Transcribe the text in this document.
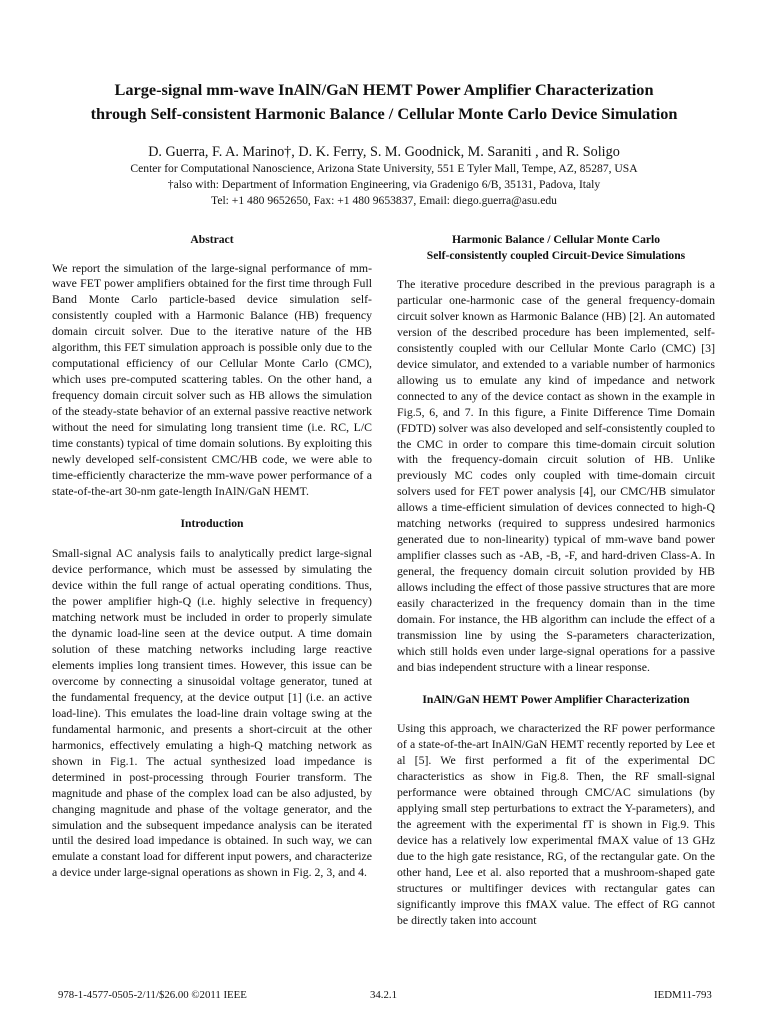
Large-signal mm-wave InAlN/GaN HEMT Power Amplifier Characterization
through Self-consistent Harmonic Balance / Cellular Monte Carlo Device Simulation
D. Guerra, F. A. Marino†, D. K. Ferry, S. M. Goodnick, M. Saraniti , and R. Soligo
Center for Computational Nanoscience, Arizona State University, 551 E Tyler Mall, Tempe, AZ, 85287, USA
†also with: Department of Information Engineering, via Gradenigo 6/B, 35131, Padova, Italy
Tel: +1 480 9652650, Fax: +1 480 9653837, Email: diego.guerra@asu.edu
Abstract

We report the simulation of the large-signal performance of mm-wave FET power amplifiers obtained for the first time through Full Band Monte Carlo particle-based device simulation self-consistently coupled with a Harmonic Balance (HB) frequency domain circuit solver. Due to the iterative nature of the HB algorithm, this FET simulation approach is possible only due to the computational efficiency of our Cellular Monte Carlo (CMC), which uses pre-computed scattering tables. On the other hand, a frequency domain circuit solver such as HB allows the simulation of the steady-state behavior of an external passive reactive network without the need for simulating long transient time (i.e. RC, L/C time constants) typical of time domain solutions. By exploiting this newly developed self-consistent CMC/HB code, we were able to time-efficiently characterize the mm-wave power performance of a state-of-the-art 30-nm gate-length InAlN/GaN HEMT.

Introduction

Small-signal AC analysis fails to analytically predict large-signal device performance, which must be assessed by simulating the device within the full range of actual operating conditions. Thus, the power amplifier high-Q (i.e. highly selective in frequency) matching network must be included in order to properly simulate the dynamic load-line seen at the device output. A time domain solution of these matching networks including large reactive elements implies long transient times. However, this issue can be overcome by connecting a sinusoidal voltage generator, tuned at the fundamental frequency, at the device output [1] (i.e. an active load-line). This emulates the load-line drain voltage swing at the fundamental harmonic, and presents a short-circuit at the other harmonics, effectively emulating a high-Q matching network as shown in Fig.1. The actual synthesized load impedance is determined in post-processing through Fourier transform. The magnitude and phase of the complex load can be also adjusted, by changing magnitude and phase of the voltage generator, and the simulation and the subsequent impedance analysis can be iterated until the desired load impedance is obtained. In such way, we can emulate a constant load for different input powers, and characterize a device under large-signal operations as shown in Fig. 2, 3, and 4.

Harmonic Balance / Cellular Monte Carlo
Self-consistently coupled Circuit-Device Simulations

The iterative procedure described in the previous paragraph is a particular one-harmonic case of the general frequency-domain circuit solver known as Harmonic Balance (HB) [2]. An automated version of the described procedure has been implemented, self-consistently coupled with our Cellular Monte Carlo (CMC) [3] device simulator, and extended to a variable number of harmonics allowing us to emulate any kind of impedance and network connected to any of the device contact as shown in the example in Fig.5, 6, and 7. In this figure, a Finite Difference Time Domain (FDTD) solver was also developed and self-consistently coupled to the CMC in order to compare this time-domain circuit solution with the frequency-domain circuit solution of HB. Unlike previously MC codes only coupled with time-domain circuit solvers used for FET power analysis [4], our CMC/HB simulator allows a time-efficient simulation of devices connected to high-Q matching networks (required to suppress undesired harmonics generated due to non-linearity) typical of mm-wave band power amplifier classes such as -AB, -B, -F, and hard-driven Class-A. In general, the frequency domain circuit solution provided by HB allows including the effect of those passive structures that are more easily characterized in the frequency domain than in the time domain. For instance, the HB algorithm can include the effect of a transmission line by using the S-parameters characterization, which still holds even under large-signal operations for a passive and bias independent structure with a linear response.

InAlN/GaN HEMT Power Amplifier Characterization

Using this approach, we characterized the RF power performance of a state-of-the-art InAlN/GaN HEMT recently reported by Lee et al [5]. We first performed a fit of the experimental DC characteristics as show in Fig.8. Then, the RF small-signal performance were obtained through CMC/AC simulations (by applying small step perturbations to extract the Y-parameters), and the agreement with the experimental fT is shown in Fig.9. This device has a relatively low experimental fMAX value of 13 GHz due to the high gate resistance, RG, of the rectangular gate. On the other hand, Lee et al. also reported that a mushroom-shaped gate structures or multifinger devices with rectangular gates can significantly improve this fMAX value. The effect of RG cannot be directly taken into account

978-1-4577-0505-2/11/$26.00 ©2011 IEEE	34.2.1	IEDM11-793
